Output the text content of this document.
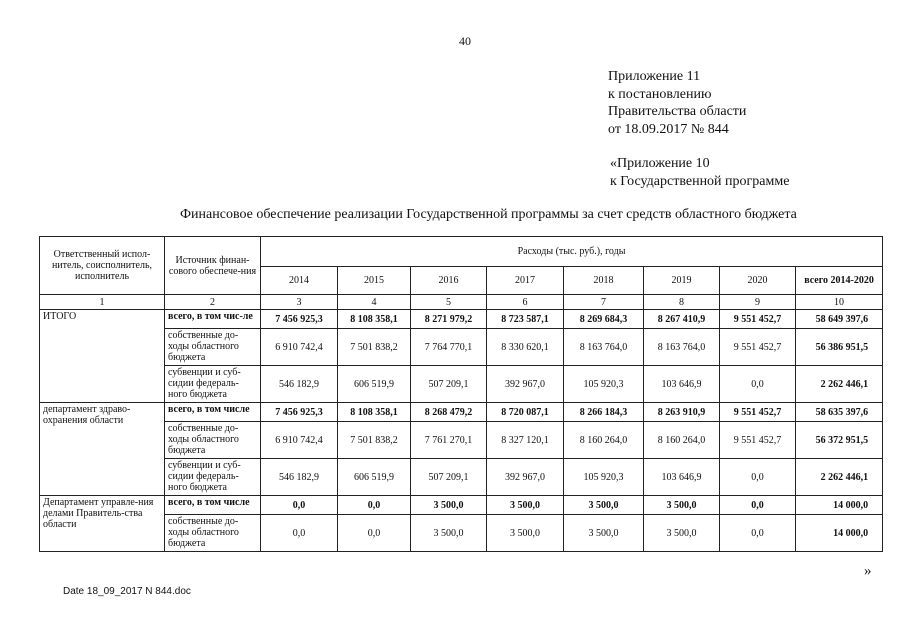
40
Приложение 11
к постановлению
Правительства области
от 18.09.2017 № 844
«Приложение 10
к Государственной программе
Финансовое обеспечение реализации Государственной программы за счет средств областного бюджета
Ответственный испол-нитель, соисполнитель, исполнитель	Источник финан-сового обеспече-ния	Расходы (тыс. руб.), годы							
		2014	2015	2016	2017	2018	2019	2020	всего 2014-2020
1	2	3	4	5	6	7	8	9	10
ИТОГО	всего, в том чис-ле	7 456 925,3	8 108 358,1	8 271 979,2	8 723 587,1	8 269 684,3	8 267 410,9	9 551 452,7	58 649 397,6
	собственные до-ходы областного бюджета	6 910 742,4	7 501 838,2	7 764 770,1	8 330 620,1	8 163 764,0	8 163 764,0	9 551 452,7	56 386 951,5
	субвенции и суб-сидии федераль-ного бюджета	546 182,9	606 519,9	507 209,1	392 967,0	105 920,3	103 646,9	0,0	2 262 446,1
департамент здраво-охранения области	всего, в том числе	7 456 925,3	8 108 358,1	8 268 479,2	8 720 087,1	8 266 184,3	8 263 910,9	9 551 452,7	58 635 397,6
	собственные до-ходы областного бюджета	6 910 742,4	7 501 838,2	7 761 270,1	8 327 120,1	8 160 264,0	8 160 264,0	9 551 452,7	56 372 951,5
	субвенции и суб-сидии федераль-ного бюджета	546 182,9	606 519,9	507 209,1	392 967,0	105 920,3	103 646,9	0,0	2 262 446,1
Департамент управле-ния делами Правитель-ства области	всего, в том числе	0,0	0,0	3 500,0	3 500,0	3 500,0	3 500,0	0,0	14 000,0
	собственные до-ходы областного бюджета	0,0	0,0	3 500,0	3 500,0	3 500,0	3 500,0	0,0	14 000,0
»
Date 18_09_2017 N 844.doc
